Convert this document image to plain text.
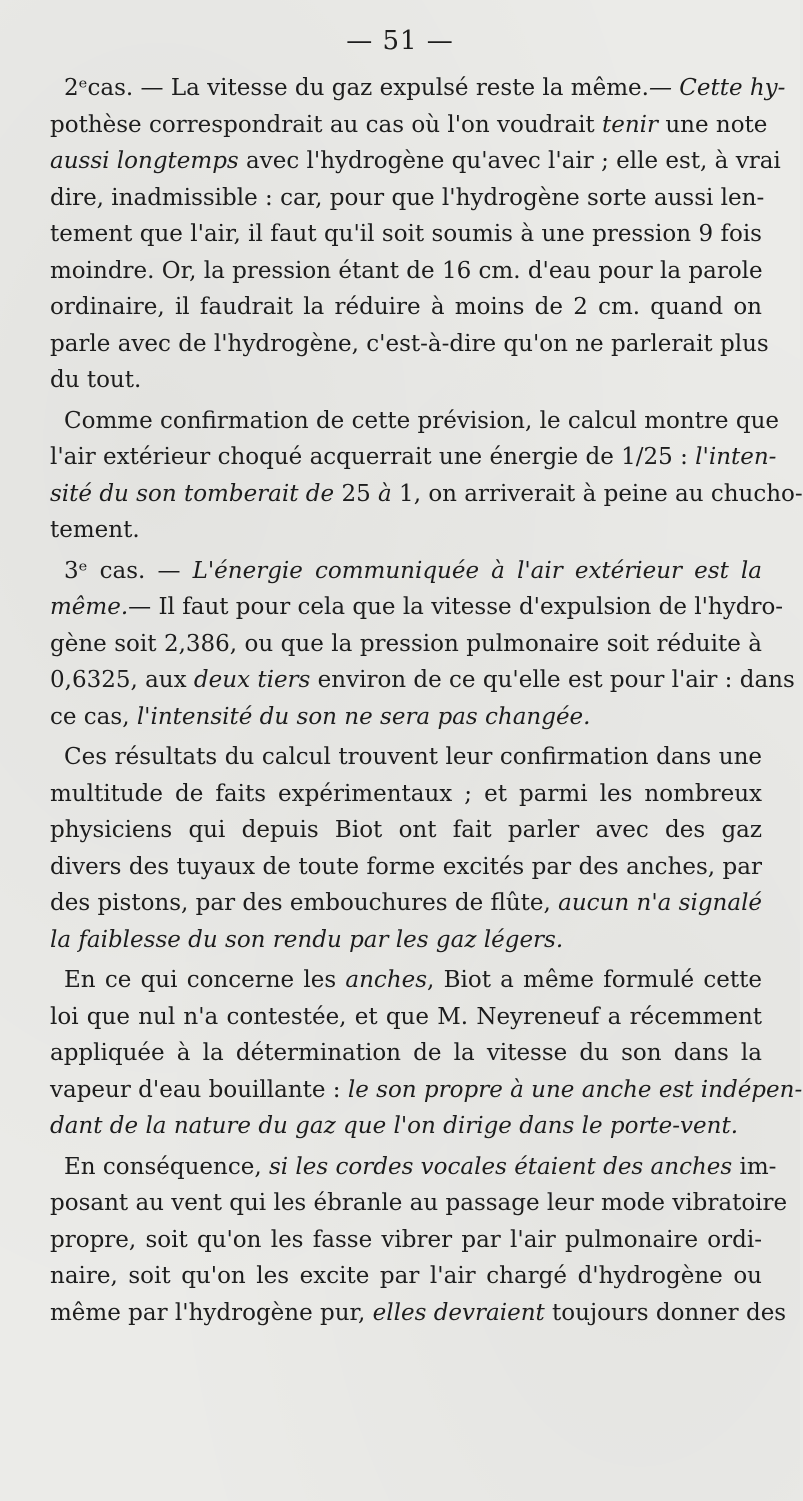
— 51 —
2ᵉcas. — La vitesse du gaz expulsé reste la même.— Cette hy-
pothèse correspondrait au cas où l'on voudrait tenir une note
aussi longtemps avec l'hydrogène qu'avec l'air ; elle est, à vrai
dire, inadmissible : car, pour que l'hydrogène sorte aussi len-
tement que l'air, il faut qu'il soit soumis à une pression 9 fois
moindre. Or, la pression étant de 16 cm. d'eau pour la parole
ordinaire, il faudrait la réduire à moins de 2 cm. quand on
parle avec de l'hydrogène, c'est-à-dire qu'on ne parlerait plus
du tout.
Comme confirmation de cette prévision, le calcul montre que
l'air extérieur choqué acquerrait une énergie de 1/25 : l'inten-
sité du son tomberait de 25 à 1, on arriverait à peine au chucho-
tement.
3ᵉ cas. — L'énergie communiquée à l'air extérieur est la
même.— Il faut pour cela que la vitesse d'expulsion de l'hydro-
gène soit 2,386, ou que la pression pulmonaire soit réduite à
0,6325, aux deux tiers environ de ce qu'elle est pour l'air : dans
ce cas, l'intensité du son ne sera pas changée.
Ces résultats du calcul trouvent leur confirmation dans une
multitude de faits expérimentaux ; et parmi les nombreux
physiciens qui depuis Biot ont fait parler avec des gaz
divers des tuyaux de toute forme excités par des anches, par
des pistons, par des embouchures de flûte, aucun n'a signalé
la faiblesse du son rendu par les gaz légers.
En ce qui concerne les anches, Biot a même formulé cette
loi que nul n'a contestée, et que M. Neyreneuf a récemment
appliquée à la détermination de la vitesse du son dans la
vapeur d'eau bouillante : le son propre à une anche est indépen-
dant de la nature du gaz que l'on dirige dans le porte-vent.
En conséquence, si les cordes vocales étaient des anches im-
posant au vent qui les ébranle au passage leur mode vibratoire
propre, soit qu'on les fasse vibrer par l'air pulmonaire ordi-
naire, soit qu'on les excite par l'air chargé d'hydrogène ou
même par l'hydrogène pur, elles devraient toujours donner des
